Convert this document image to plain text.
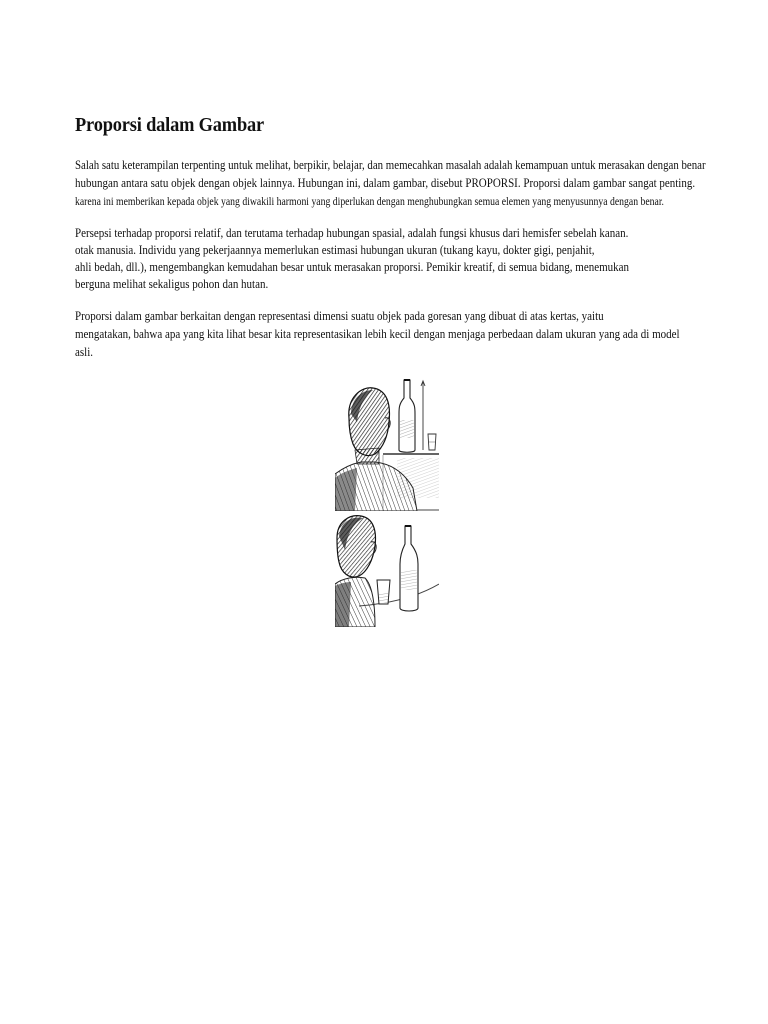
Proporsi dalam Gambar

Salah satu keterampilan terpenting untuk melihat, berpikir, belajar, dan memecahkan masalah adalah kemampuan untuk merasakan dengan benar

hubungan antara satu objek dengan objek lainnya. Hubungan ini, dalam gambar, disebut PROPORSI. Proporsi dalam gambar sangat penting.

karena ini memberikan kepada objek yang diwakili harmoni yang diperlukan dengan menghubungkan semua elemen yang menyusunnya dengan benar.

Persepsi terhadap proporsi relatif, dan terutama terhadap hubungan spasial, adalah fungsi khusus dari hemisfer sebelah kanan.

otak manusia. Individu yang pekerjaannya memerlukan estimasi hubungan ukuran (tukang kayu, dokter gigi, penjahit,

ahli bedah, dll.), mengembangkan kemudahan besar untuk merasakan proporsi. Pemikir kreatif, di semua bidang, menemukan

berguna melihat sekaligus pohon dan hutan.

Proporsi dalam gambar berkaitan dengan representasi dimensi suatu objek pada goresan yang dibuat di atas kertas, yaitu

mengatakan, bahwa apa yang kita lihat besar kita representasikan lebih kecil dengan menjaga perbedaan dalam ukuran yang ada di model

asli.
